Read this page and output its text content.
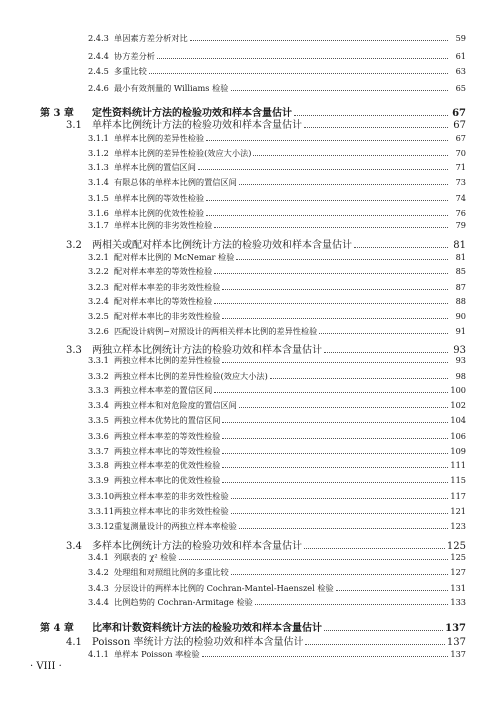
2.4.3 单因素方差分析对比	59
2.4.4 协方差分析	61
2.4.5 多重比较	63
2.4.6 最小有效剂量的 Williams 检验	65
第 3 章	定性资料统计方法的检验功效和样本含量估计	67
3.1	单样本比例统计方法的检验功效和样本含量估计	67
3.1.1 单样本比例的差异性检验	67
3.1.2 单样本比例的差异性检验(效应大小法)	70
3.1.3 单样本比例的置信区间	71
3.1.4 有限总体的单样本比例的置信区间	73
3.1.5 单样本比例的等效性检验	74
3.1.6 单样本比例的优效性检验	76
3.1.7 单样本比例的非劣效性检验	79
3.2	两相关或配对样本比例统计方法的检验功效和样本含量估计	81
3.2.1 配对样本比例的 McNemar 检验	81
3.2.2 配对样本率差的等效性检验	85
3.2.3 配对样本率差的非劣效性检验	87
3.2.4 配对样本率比的等效性检验	88
3.2.5 配对样本率比的非劣效性检验	90
3.2.6 匹配设计病例−对照设计的两相关样本比例的差异性检验	91
3.3	两独立样本比例统计方法的检验功效和样本含量估计	93
3.3.1 两独立样本比例的差异性检验	93
3.3.2 两独立样本比例的差异性检验(效应大小法)	98
3.3.3 两独立样本率差的置信区间	100
3.3.4 两独立样本和对危险度的置信区间	102
3.3.5 两独立样本优势比的置信区间	104
3.3.6 两独立样本率差的等效性检验	106
3.3.7 两独立样本率比的等效性检验	109
3.3.8 两独立样本率差的优效性检验	111
3.3.9 两独立样本率比的优效性检验	115
3.3.10 两独立样本率差的非劣效性检验	117
3.3.11 两独立样本率比的非劣效性检验	121
3.3.12 重复测量设计的两独立样本率检验	123
3.4	多样本比例统计方法的检验功效和样本含量估计	125
3.4.1 列联表的 χ² 检验	125
3.4.2 处理组和对照组比例的多重比较	127
3.4.3 分层设计的两样本比例的 Cochran-Mantel-Haenszel 检验	131
3.4.4 比例趋势的 Cochran-Armitage 检验	133
第 4 章	比率和计数资料统计方法的检验功效和样本含量估计	137
4.1	Poisson 率统计方法的检验功效和样本含量估计	137
4.1.1 单样本 Poisson 率检验	137
· VIII ·
